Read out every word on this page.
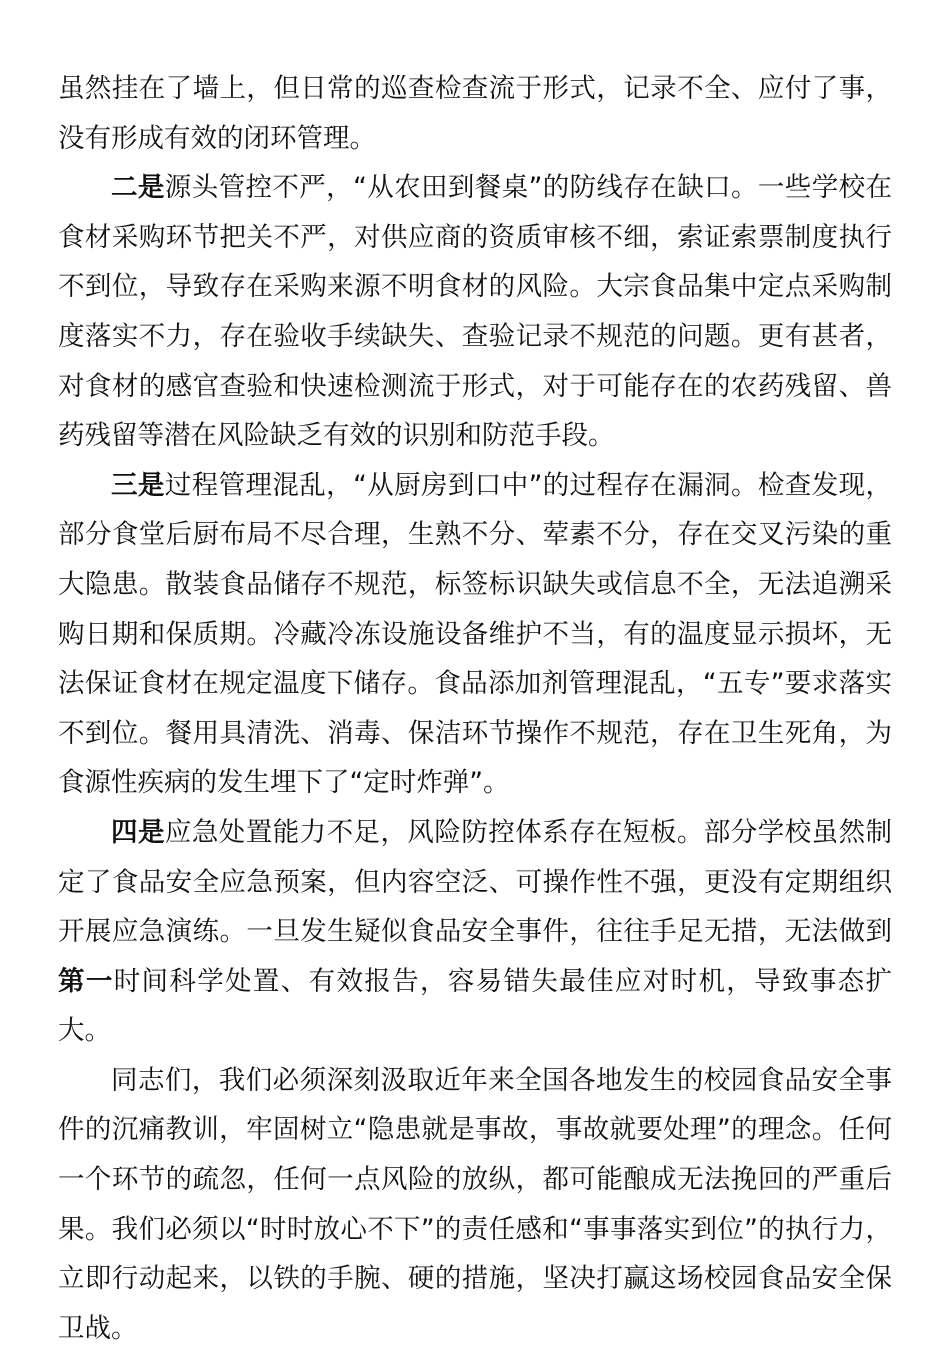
虽然挂在了墙上，但日常的巡查检查流于形式，记录不全、应付了事，没有形成有效的闭环管理。

二是源头管控不严，“从农田到餐桌”的防线存在缺口。一些学校在食材采购环节把关不严，对供应商的资质审核不细，索证索票制度执行不到位，导致存在采购来源不明食材的风险。大宗食品集中定点采购制度落实不力，存在验收手续缺失、查验记录不规范的问题。更有甚者，对食材的感官查验和快速检测流于形式，对于可能存在的农药残留、兽药残留等潜在风险缺乏有效的识别和防范手段。

三是过程管理混乱，“从厨房到口中”的过程存在漏洞。检查发现，部分食堂后厨布局不尽合理，生熟不分、荤素不分，存在交叉污染的重大隐患。散装食品储存不规范，标签标识缺失或信息不全，无法追溯采购日期和保质期。冷藏冷冻设施设备维护不当，有的温度显示损坏，无法保证食材在规定温度下储存。食品添加剂管理混乱，“五专”要求落实不到位。餐用具清洗、消毒、保洁环节操作不规范，存在卫生死角，为食源性疾病的发生埋下了“定时炸弹”。

四是应急处置能力不足，风险防控体系存在短板。部分学校虽然制定了食品安全应急预案，但内容空泛、可操作性不强，更没有定期组织开展应急演练。一旦发生疑似食品安全事件，往往手足无措，无法做到第一时间科学处置、有效报告，容易错失最佳应对时机，导致事态扩大。

同志们，我们必须深刻汲取近年来全国各地发生的校园食品安全事件的沉痛教训，牢固树立“隐患就是事故，事故就要处理”的理念。任何一个环节的疏忽，任何一点风险的放纵，都可能酿成无法挽回的严重后果。我们必须以“时时放心不下”的责任感和“事事落实到位”的执行力，立即行动起来，以铁的手腕、硬的措施，坚决打赢这场校园食品安全保卫战。
